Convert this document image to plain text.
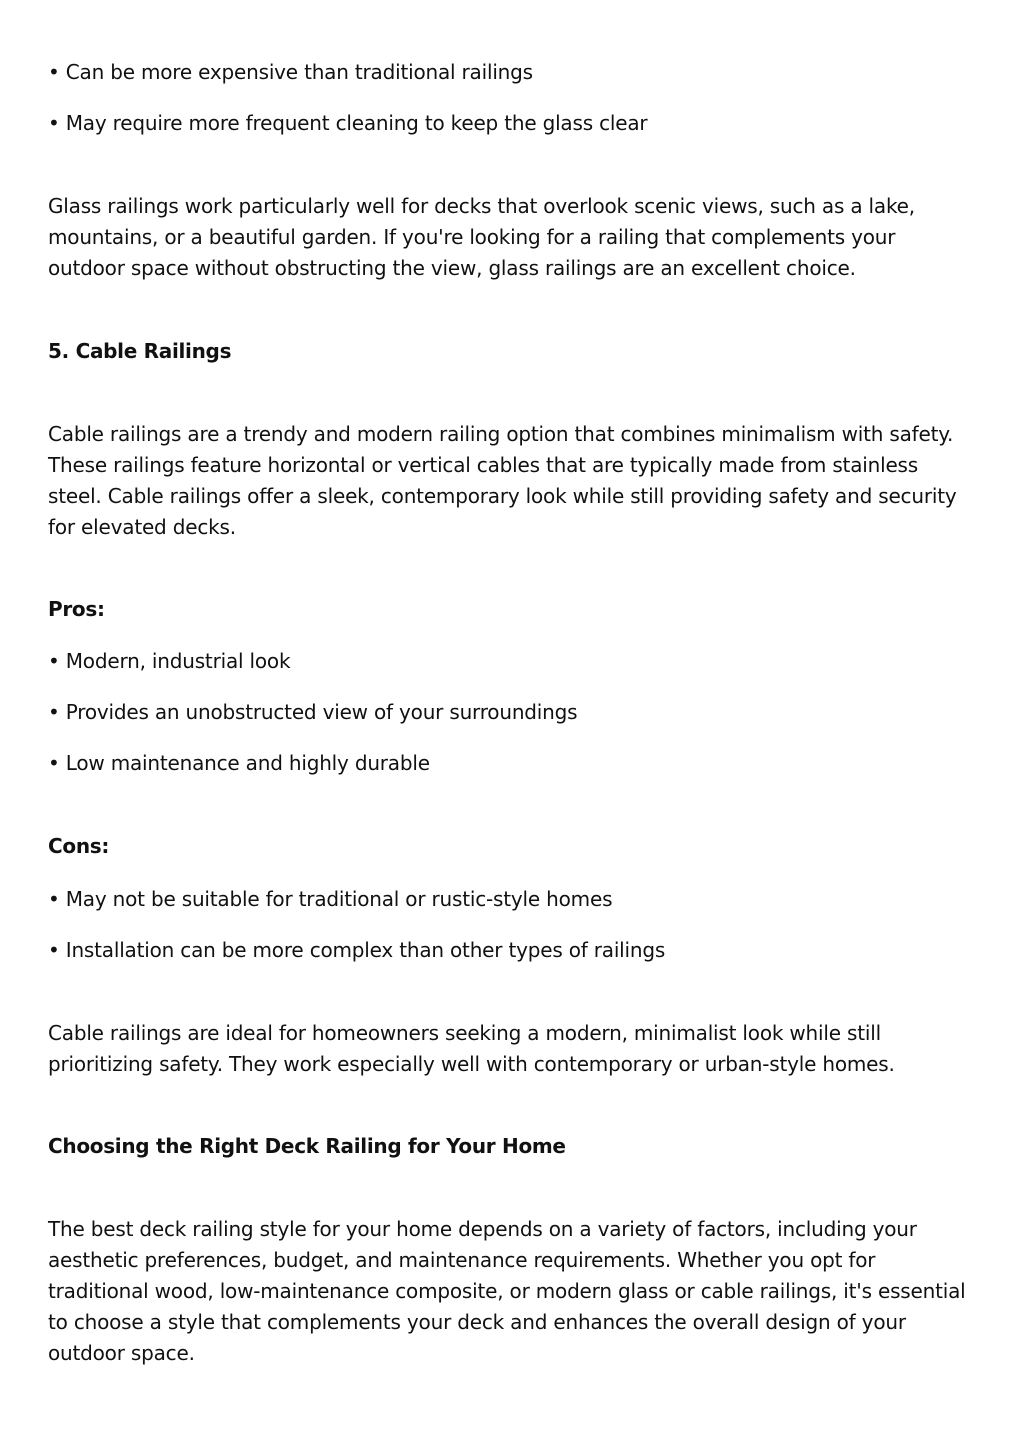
• Can be more expensive than traditional railings
• May require more frequent cleaning to keep the glass clear
Glass railings work particularly well for decks that overlook scenic views, such as a lake,
mountains, or a beautiful garden. If you're looking for a railing that complements your
outdoor space without obstructing the view, glass railings are an excellent choice.
5. Cable Railings
Cable railings are a trendy and modern railing option that combines minimalism with safety.
These railings feature horizontal or vertical cables that are typically made from stainless
steel. Cable railings offer a sleek, contemporary look while still providing safety and security
for elevated decks.
Pros:
• Modern, industrial look
• Provides an unobstructed view of your surroundings
• Low maintenance and highly durable
Cons:
• May not be suitable for traditional or rustic-style homes
• Installation can be more complex than other types of railings
Cable railings are ideal for homeowners seeking a modern, minimalist look while still
prioritizing safety. They work especially well with contemporary or urban-style homes.
Choosing the Right Deck Railing for Your Home
The best deck railing style for your home depends on a variety of factors, including your
aesthetic preferences, budget, and maintenance requirements. Whether you opt for
traditional wood, low-maintenance composite, or modern glass or cable railings, it's essential
to choose a style that complements your deck and enhances the overall design of your
outdoor space.
